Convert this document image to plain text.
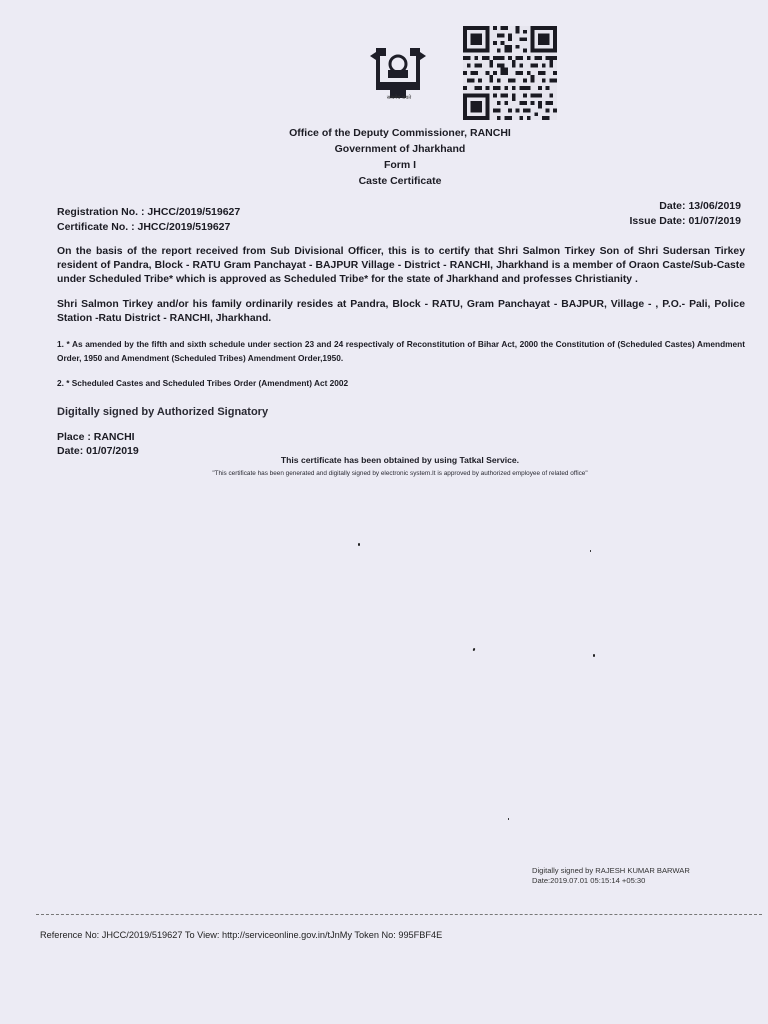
सत्यमेव जयते
Office of the Deputy Commissioner, RANCHI
Government of Jharkhand
Form I
Caste Certificate
Registration No. : JHCC/2019/519627
Certificate No. : JHCC/2019/519627
Date: 13/06/2019
Issue Date: 01/07/2019
On the basis of the report received from Sub Divisional Officer, this is to certify that Shri Salmon Tirkey Son of Shri Sudersan Tirkey resident of Pandra, Block - RATU Gram Panchayat - BAJPUR Village - District - RANCHI, Jharkhand is a member of Oraon Caste/Sub-Caste under Scheduled Tribe* which is approved as Scheduled Tribe* for the state of Jharkhand and professes Christianity .
Shri Salmon Tirkey and/or his family ordinarily resides at Pandra, Block - RATU, Gram Panchayat - BAJPUR, Village - , P.O.- Pali, Police Station -Ratu District - RANCHI, Jharkhand.
1. * As amended by the fifth and sixth schedule under section 23 and 24 respectivaly of Reconstitution of Bihar Act, 2000 the Constitution of (Scheduled Castes) Amendment Order, 1950 and Amendment (Scheduled Tribes) Amendment Order,1950.
2. * Scheduled Castes and Scheduled Tribes Order (Amendment) Act 2002
Digitally signed by Authorized Signatory
Place : RANCHI
Date: 01/07/2019
This certificate has been obtained by using Tatkal Service.
"This certificate has been generated and digitally signed by electronic system.It is approved by authorized employee of related office"
Digitally signed by RAJESH KUMAR BARWAR
Date:2019.07.01 05:15:14 +05:30
Reference No: JHCC/2019/519627 To View: http://serviceonline.gov.in/tJnMy Token No: 995FBF4E
